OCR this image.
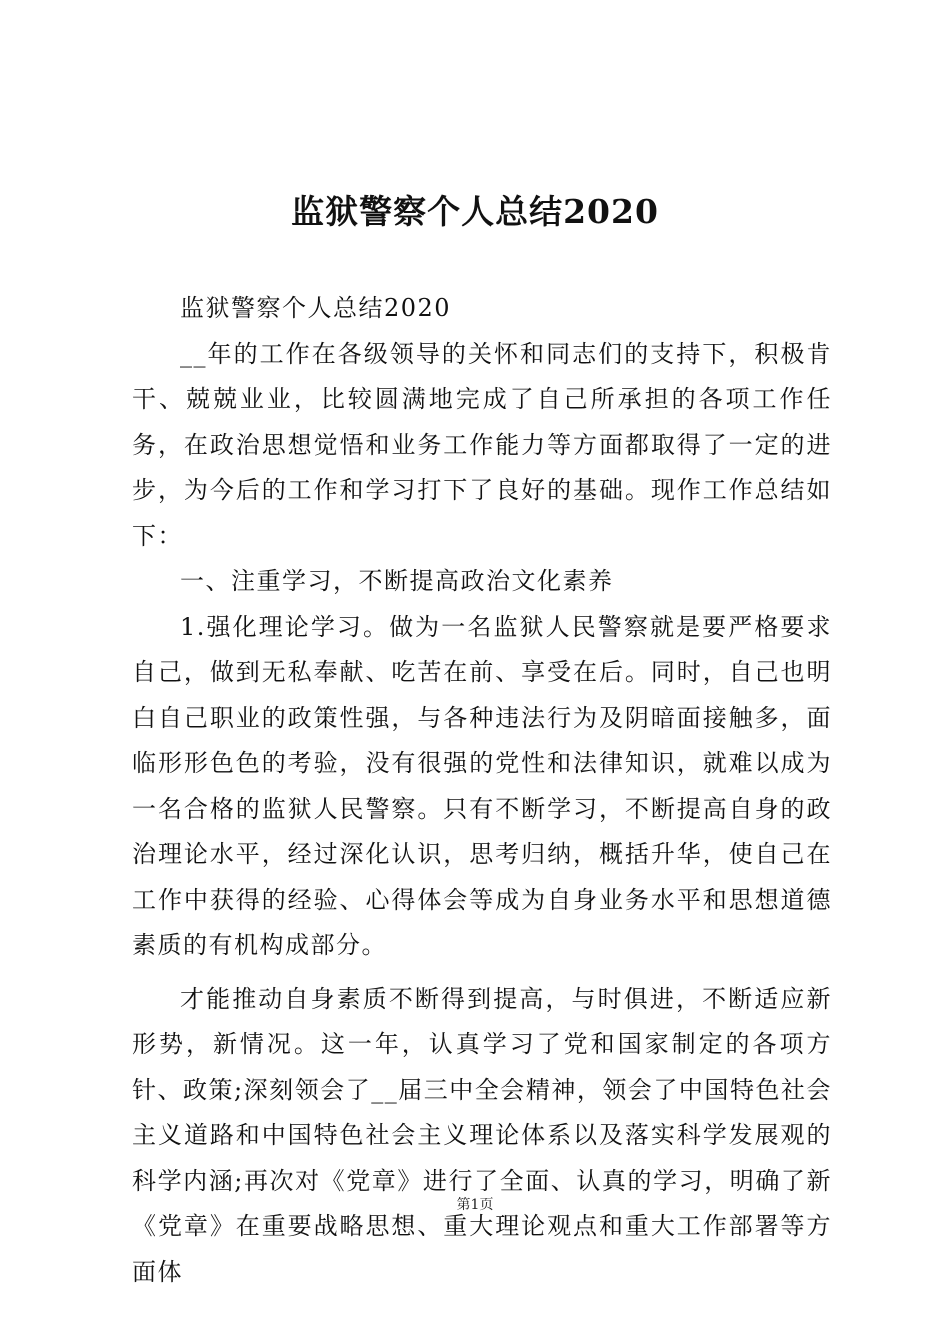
监狱警察个人总结2020

监狱警察个人总结2020

__年的工作在各级领导的关怀和同志们的支持下，积极肯干、兢兢业业，比较圆满地完成了自己所承担的各项工作任务，在政治思想觉悟和业务工作能力等方面都取得了一定的进步，为今后的工作和学习打下了良好的基础。现作工作总结如下：

一、注重学习，不断提高政治文化素养

1.强化理论学习。做为一名监狱人民警察就是要严格要求自己，做到无私奉献、吃苦在前、享受在后。同时，自己也明白自己职业的政策性强，与各种违法行为及阴暗面接触多，面临形形色色的考验，没有很强的党性和法律知识，就难以成为一名合格的监狱人民警察。只有不断学习，不断提高自身的政治理论水平，经过深化认识，思考归纳，概括升华，使自己在工作中获得的经验、心得体会等成为自身业务水平和思想道德素质的有机构成部分。

才能推动自身素质不断得到提高，与时俱进，不断适应新形势，新情况。这一年，认真学习了党和国家制定的各项方针、政策;深刻领会了__届三中全会精神，领会了中国特色社会主义道路和中国特色社会主义理论体系以及落实科学发展观的科学内涵;再次对《党章》进行了全面、认真的学习，明确了新《党章》在重要战略思想、重大理论观点和重大工作部署等方面体

第1页
